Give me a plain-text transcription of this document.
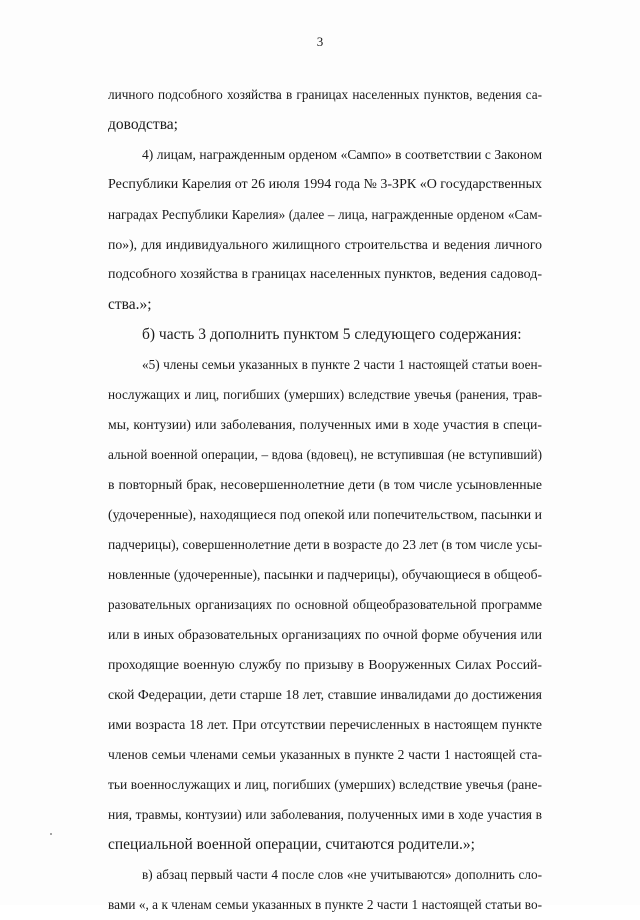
3
личного подсобного хозяйства в границах населенных пунктов, ведения са-
доводства;
4) лицам, награжденным орденом «Сампо» в соответствии с Законом
Республики Карелия от 26 июля 1994 года № 3-ЗРК «О государственных
наградах Республики Карелия» (далее – лица, награжденные орденом «Сам-
по»), для индивидуального жилищного строительства и ведения личного
подсобного хозяйства в границах населенных пунктов, ведения садовод-
ства.»;
б) часть 3 дополнить пунктом 5 следующего содержания:
«5) члены семьи указанных в пункте 2 части 1 настоящей статьи воен-
нослужащих и лиц, погибших (умерших) вследствие увечья (ранения, трав-
мы, контузии) или заболевания, полученных ими в ходе участия в специ-
альной военной операции, – вдова (вдовец), не вступившая (не вступивший)
в повторный брак, несовершеннолетние дети (в том числе усыновленные
(удочеренные), находящиеся под опекой или попечительством, пасынки и
падчерицы), совершеннолетние дети в возрасте до 23 лет (в том числе усы-
новленные (удочеренные), пасынки и падчерицы), обучающиеся в общеоб-
разовательных организациях по основной общеобразовательной программе
или в иных образовательных организациях по очной форме обучения или
проходящие военную службу по призыву в Вооруженных Силах Россий-
ской Федерации, дети старше 18 лет, ставшие инвалидами до достижения
ими возраста 18 лет. При отсутствии перечисленных в настоящем пункте
членов семьи членами семьи указанных в пункте 2 части 1 настоящей ста-
тьи военнослужащих и лиц, погибших (умерших) вследствие увечья (ране-
ния, травмы, контузии) или заболевания, полученных ими в ходе участия в
специальной военной операции, считаются родители.»;
в) абзац первый части 4 после слов «не учитываются» дополнить сло-
вами «, а к членам семьи указанных в пункте 2 части 1 настоящей статьи во-
